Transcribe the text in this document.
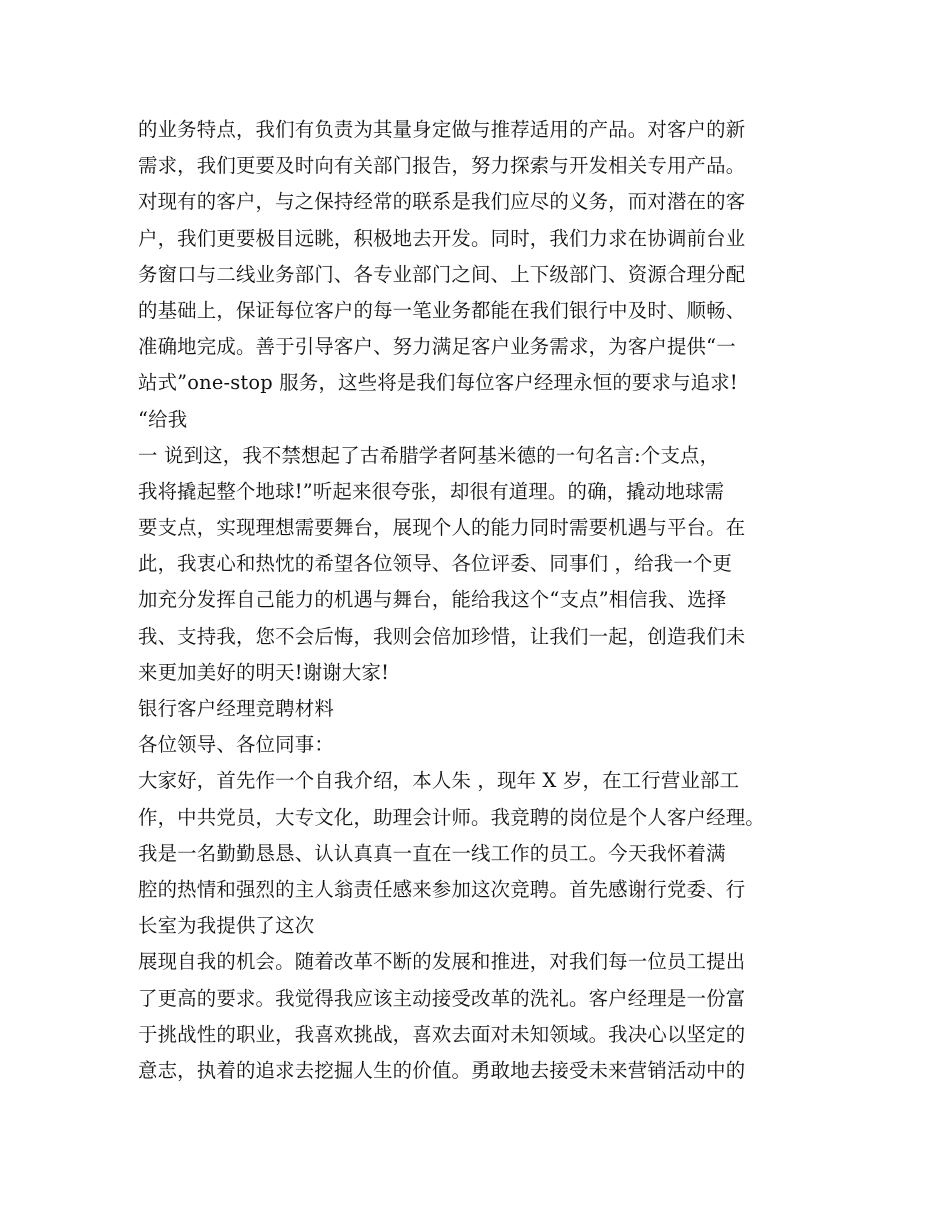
的业务特点，我们有负责为其量身定做与推荐适用的产品。对客户的新
需求，我们更要及时向有关部门报告，努力探索与开发相关专用产品。
对现有的客户，与之保持经常的联系是我们应尽的义务，而对潜在的客
户，我们更要极目远眺，积极地去开发。同时，我们力求在协调前台业
务窗口与二线业务部门、各专业部门之间、上下级部门、资源合理分配
的基础上，保证每位客户的每一笔业务都能在我们银行中及时、顺畅、
准确地完成。善于引导客户、努力满足客户业务需求，为客户提供“一
站式”one-stop 服务，这些将是我们每位客户经理永恒的要求与追求!
“给我
一 说到这，我不禁想起了古希腊学者阿基米德的一句名言:个支点，
我将撬起整个地球!”听起来很夸张，却很有道理。的确，撬动地球需
要支点，实现理想需要舞台，展现个人的能力同时需要机遇与平台。在
此，我衷心和热忱的希望各位领导、各位评委、同事们 ，给我一个更
加充分发挥自己能力的机遇与舞台，能给我这个“支点”相信我、选择
我、支持我，您不会后悔，我则会倍加珍惜，让我们一起，创造我们未
来更加美好的明天!谢谢大家!
银行客户经理竞聘材料
各位领导、各位同事：
大家好，首先作一个自我介绍，本人朱 ，现年 X 岁，在工行营业部工
作，中共党员，大专文化，助理会计师。我竞聘的岗位是个人客户经理。
我是一名勤勤恳恳、认认真真一直在一线工作的员工。今天我怀着满
腔的热情和强烈的主人翁责任感来参加这次竞聘。首先感谢行党委、行
长室为我提供了这次
展现自我的机会。随着改革不断的发展和推进，对我们每一位员工提出
了更高的要求。我觉得我应该主动接受改革的洗礼。客户经理是一份富
于挑战性的职业，我喜欢挑战，喜欢去面对未知领域。我决心以坚定的
意志，执着的追求去挖掘人生的价值。勇敢地去接受未来营销活动中的
